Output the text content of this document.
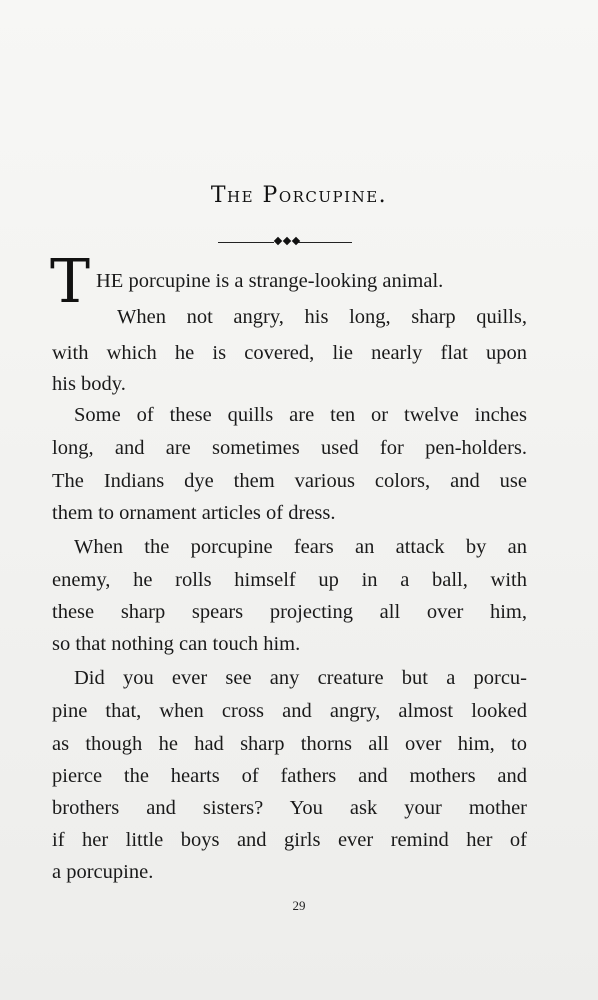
The Porcupine.
T HE porcupine is a strange-looking animal.
When not angry, his long, sharp quills,
with which he is covered, lie nearly flat upon
his body.
Some of these quills are ten or twelve inches
long, and are sometimes used for pen-holders.
The Indians dye them various colors, and use
them to ornament articles of dress.
When the porcupine fears an attack by an
enemy, he rolls himself up in a ball, with
these sharp spears projecting all over him,
so that nothing can touch him.
Did you ever see any creature but a porcu-
pine that, when cross and angry, almost looked
as though he had sharp thorns all over him, to
pierce the hearts of fathers and mothers and
brothers and sisters? You ask your mother
if her little boys and girls ever remind her of
a porcupine.
29
